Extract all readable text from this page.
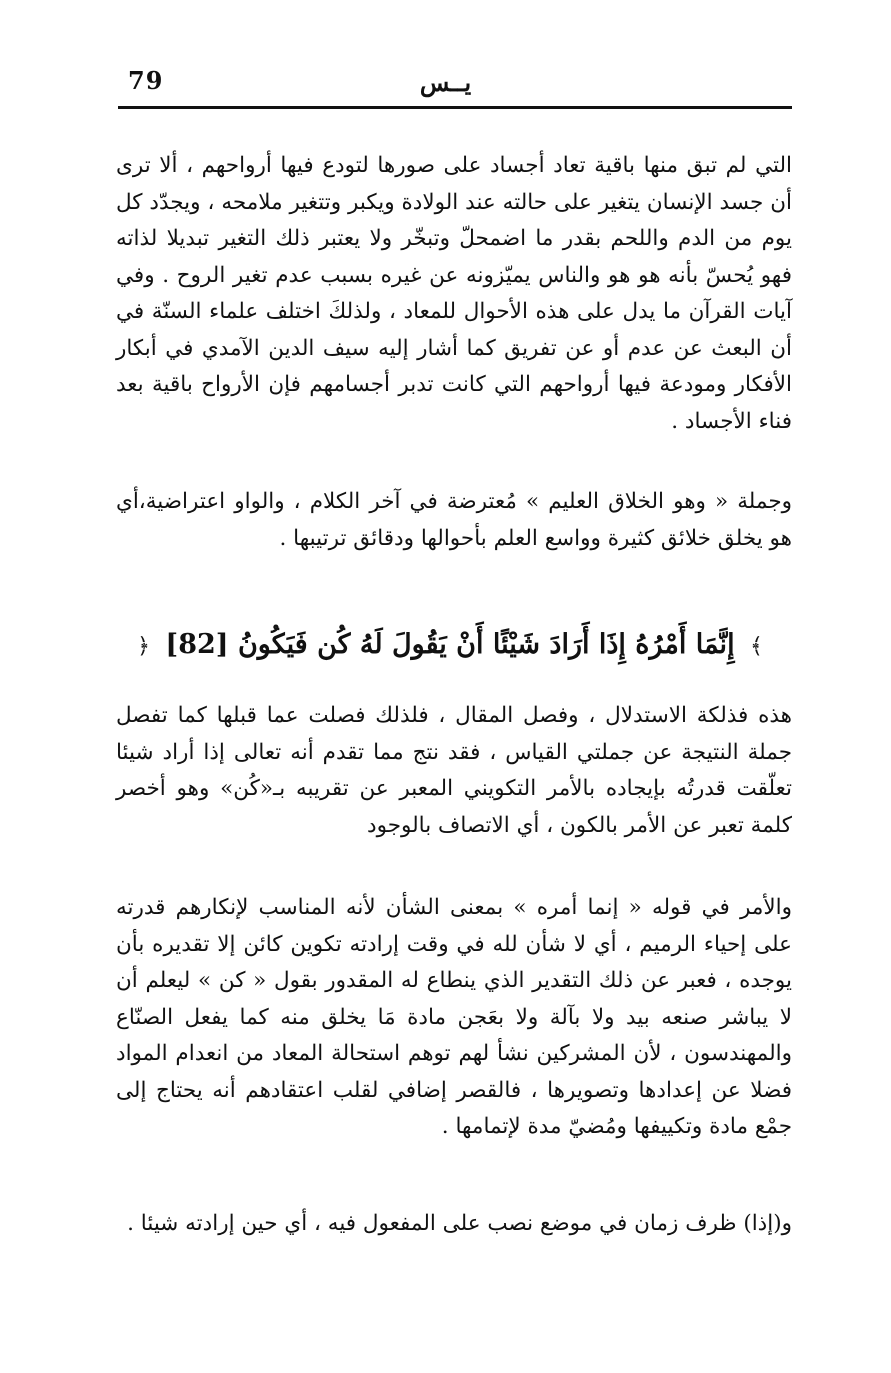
79	يــس

التي لم تبق منها باقية تعاد أجساد على صورها لتودع فيها أرواحهم ، ألا ترى أن جسد الإنسان يتغير على حالته عند الولادة ويكبر وتتغير ملامحه ، ويجدّد كل يوم من الدم واللحم بقدر ما اضمحلّ وتبخّر ولا يعتبر ذلك التغير تبديلا لذاته فهو يُحسّ بأنه هو هو والناس يميّزونه عن غيره بسبب عدم تغير الروح . وفي آيات القرآن ما يدل على هذه الأحوال للمعاد ، ولذلكَ اختلف علماء السنّة في أن البعث عن عدم أو عن تفريق كما أشار إليه سيف الدين الآمدي في أبكار الأفكار ومودعة فيها أرواحهم التي كانت تدبر أجسامهم فإن الأرواح باقية بعد فناء الأجساد .

وجملة « وهو الخلاق العليم » مُعترضة في آخر الكلام ، والواو اعتراضية،أي هو يخلق خلائق كثيرة وواسع العلم بأحوالها ودقائق ترتيبها .

﴾ إِنَّمَا أَمْرُهُ إِذَا أَرَادَ شَيْئًا أَنْ يَقُولَ لَهُ كُن فَيَكُونُ [82] ﴿

هذه فذلكة الاستدلال ، وفصل المقال ، فلذلك فصلت عما قبلها كما تفصل جملة النتيجة عن جملتي القياس ، فقد نتج مما تقدم أنه تعالى إذا أراد شيئا تعلّقت قدرتُه بإيجاده بالأمر التكويني المعبر عن تقريبه بـ«كُن» وهو أخصر كلمة تعبر عن الأمر بالكون ، أي الاتصاف بالوجود

والأمر في قوله « إنما أمره » بمعنى الشأن لأنه المناسب لإنكارهم قدرته على إحياء الرميم ، أي لا شأن لله في وقت إرادته تكوين كائن إلا تقديره بأن يوجده ، فعبر عن ذلك التقدير الذي ينطاع له المقدور بقول « كن » ليعلم أن لا يباشر صنعه بيد ولا بآلة ولا بعَجن مادة مَا يخلق منه كما يفعل الصنّاع والمهندسون ، لأن المشركين نشأ لهم توهم استحالة المعاد من انعدام المواد فضلا عن إعدادها وتصويرها ، فالقصر إضافي لقلب اعتقادهم أنه يحتاج إلى جمْع مادة وتكييفها ومُضيّ مدة لإتمامها .

و(إذا) ظرف زمان في موضع نصب على المفعول فيه ، أي حين إرادته شيئا .
